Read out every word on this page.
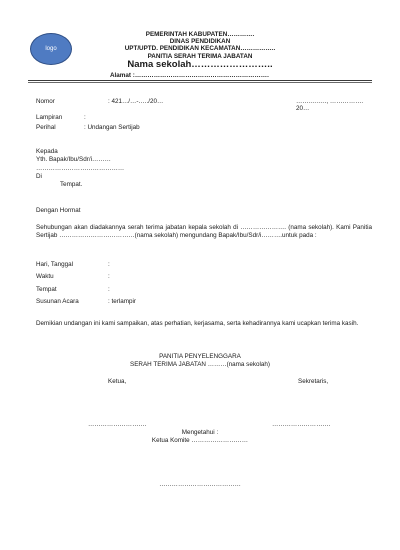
logo
PEMERINTAH KABUPATEN………….
DINAS PENDIDIKAN
UPT/UPTD. PENDIDIKAN KECAMATAN……………..
PANITIA SERAH TERIMA JABATAN
Nama sekolah……………………..
Alamat :……………………………………………………….
Nomor	: 421…/…-…../20…	……….….., ……………. 20…
Lampiran	:
Perihal	: Undangan Sertijab
Kepada
Yth. Bapak/Ibu/Sdr/i………
……………………………………
Di
Tempat.
Dengan Hormat
Sehubungan akan diadakannya serah terima jabatan kepala sekolah di …………………. (nama sekolah). Kami Panitia Sertijab ………………………………(nama sekolah) mengundang Bapak/Ibu/Sdr/i……….untuk pada :
Hari, Tanggal	:
Waktu	:
Tempat	:
Susunan Acara	: terlampir
Demikian undangan ini kami sampaikan, atas perhatian, kerjasama, serta kehadirannya kami ucapkan terima kasih.
PANITIA PENYELENGGARA
SERAH TERIMA JABATAN ………(nama sekolah)
Ketua,	Sekretaris,
……………………….	……………………….
Mengetahui :
Ketua Komite ………………………
…………………………………
